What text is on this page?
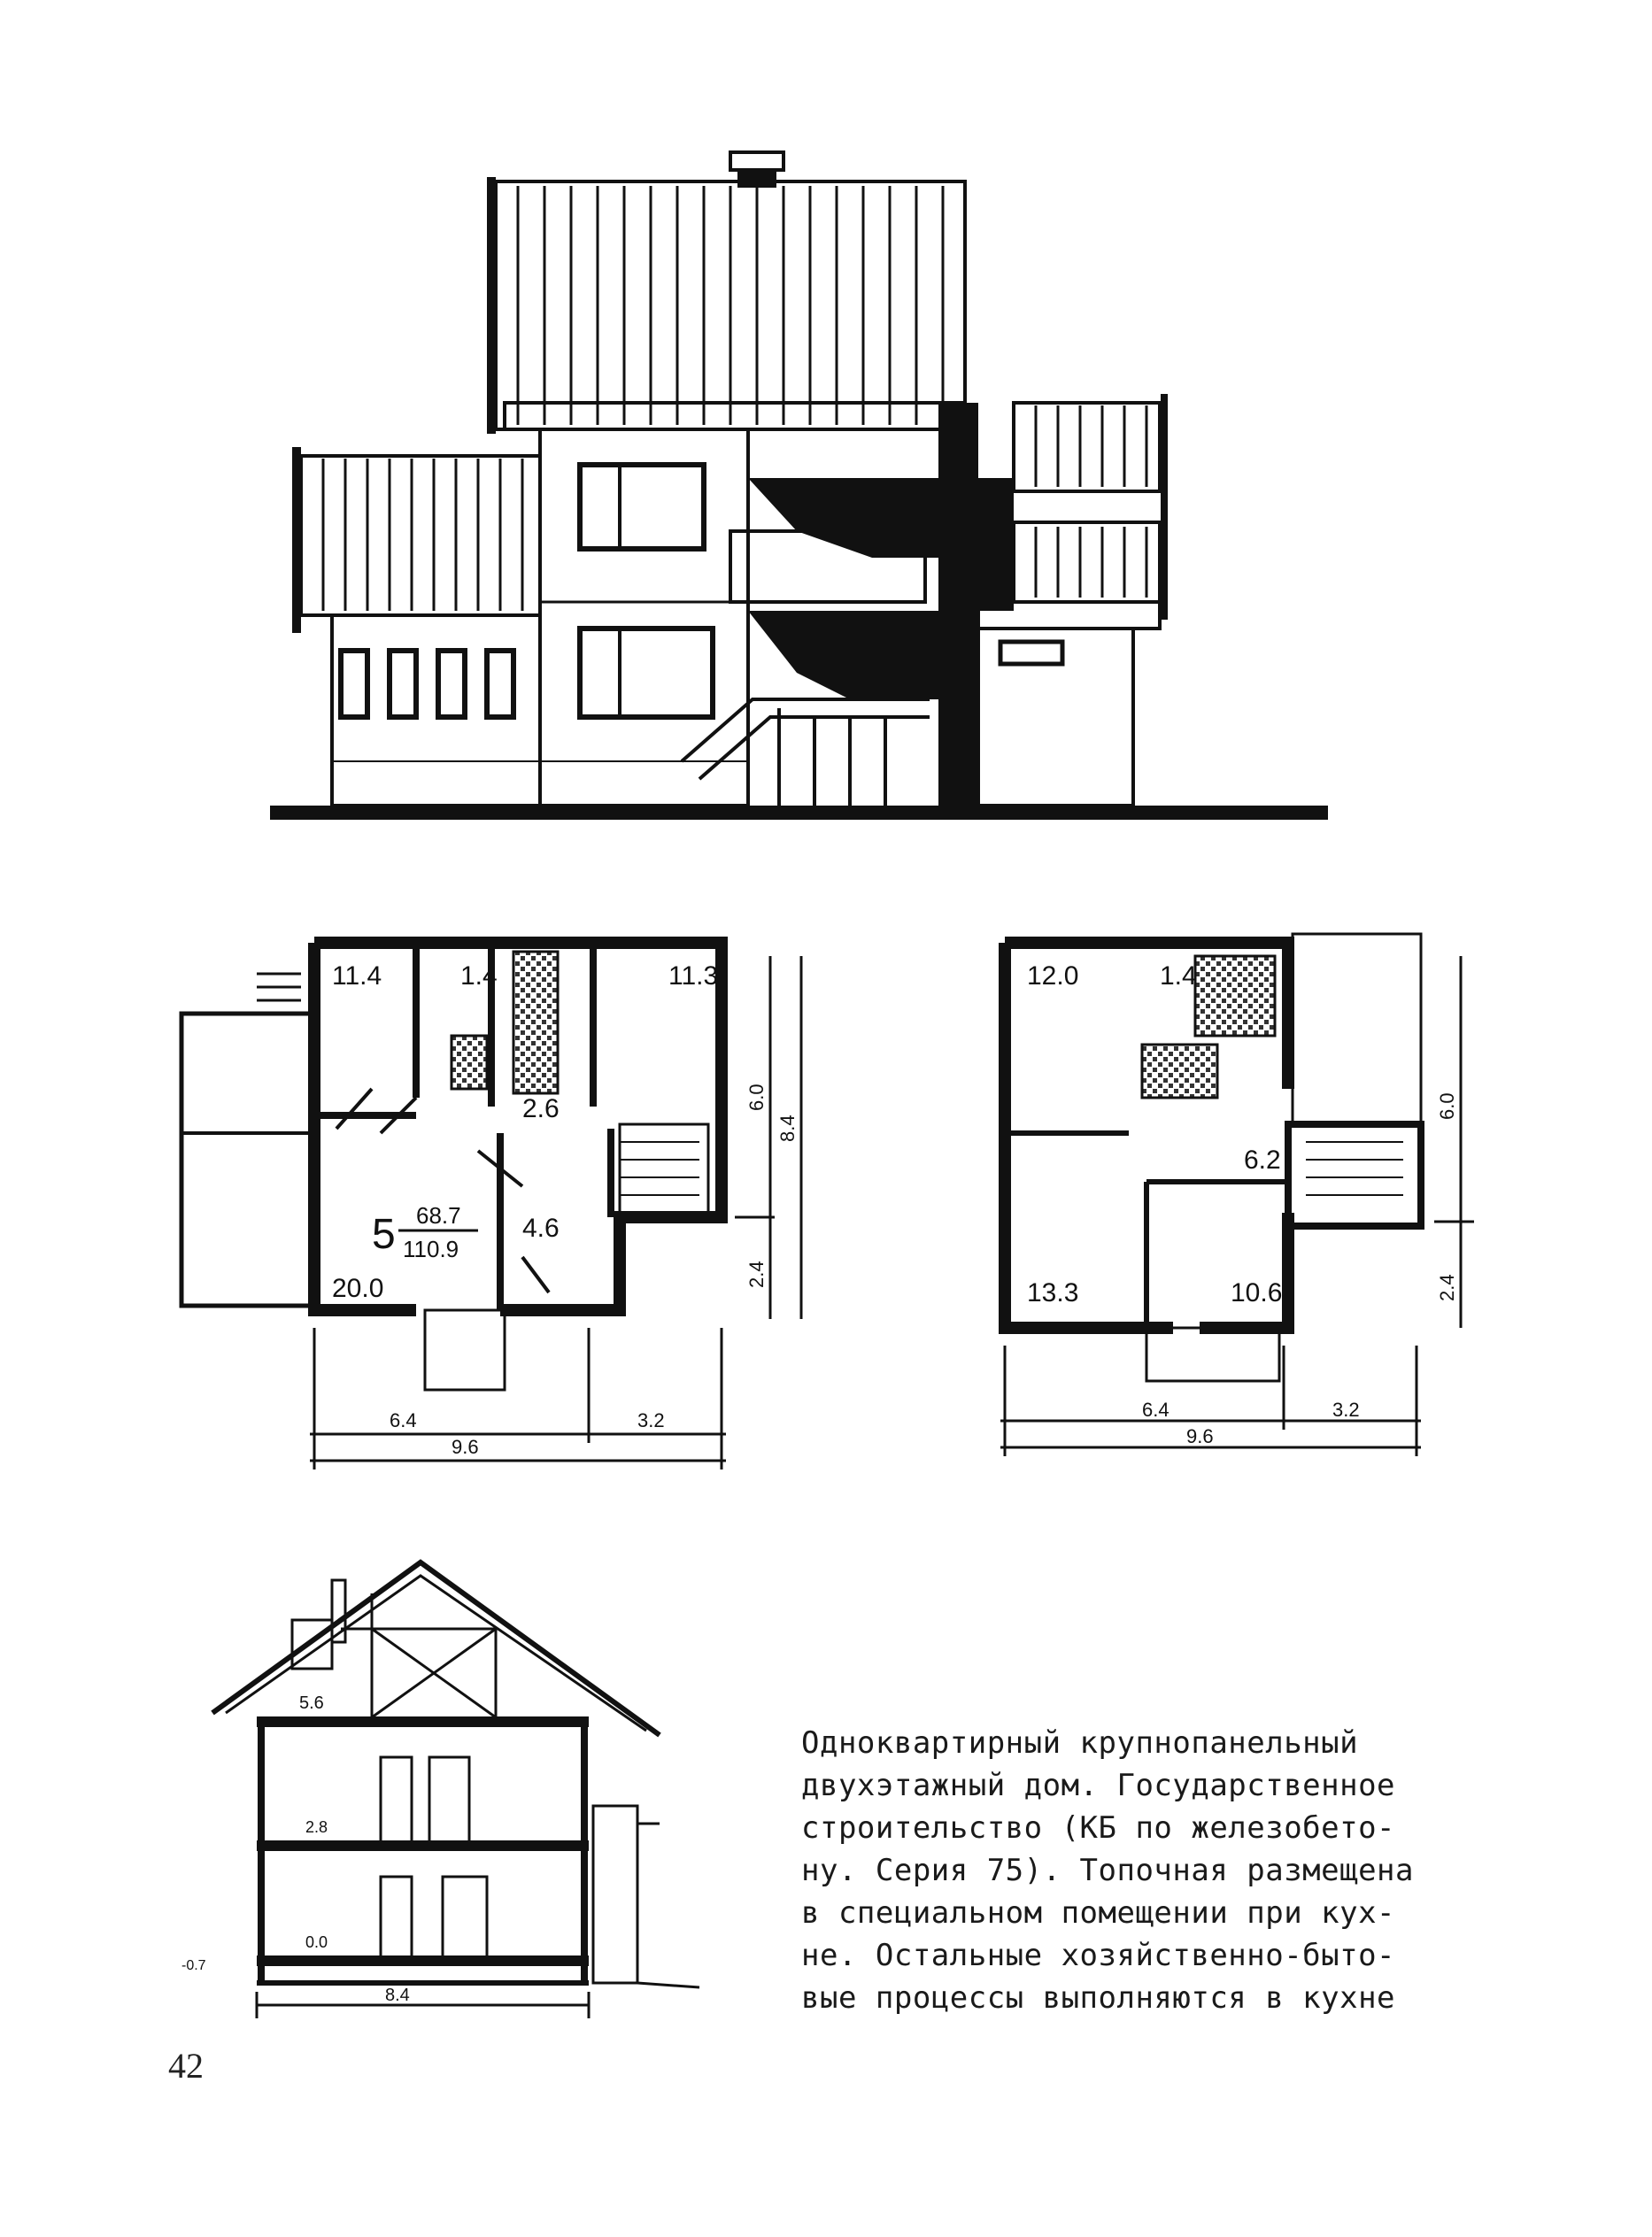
11.4	1.4	11.3
2.6
4.6
20.0
5 68.7
110.9
6.4	3.2
9.6
6.0
8.4
2.4
12.0	1.4
6.2
13.3	10.6
6.4	3.2
9.6
6.0
2.4
5.6
2.8
0.0
-0.7
8.4
Одноквартирный крупнопанельный
двухэтажный дом. Государственное
строительство (КБ по железобето-
ну. Серия 75). Топочная размещена
в специальном помещении при кух-
не. Остальные хозяйственно-быто-
вые процессы выполняются в кухне
42
